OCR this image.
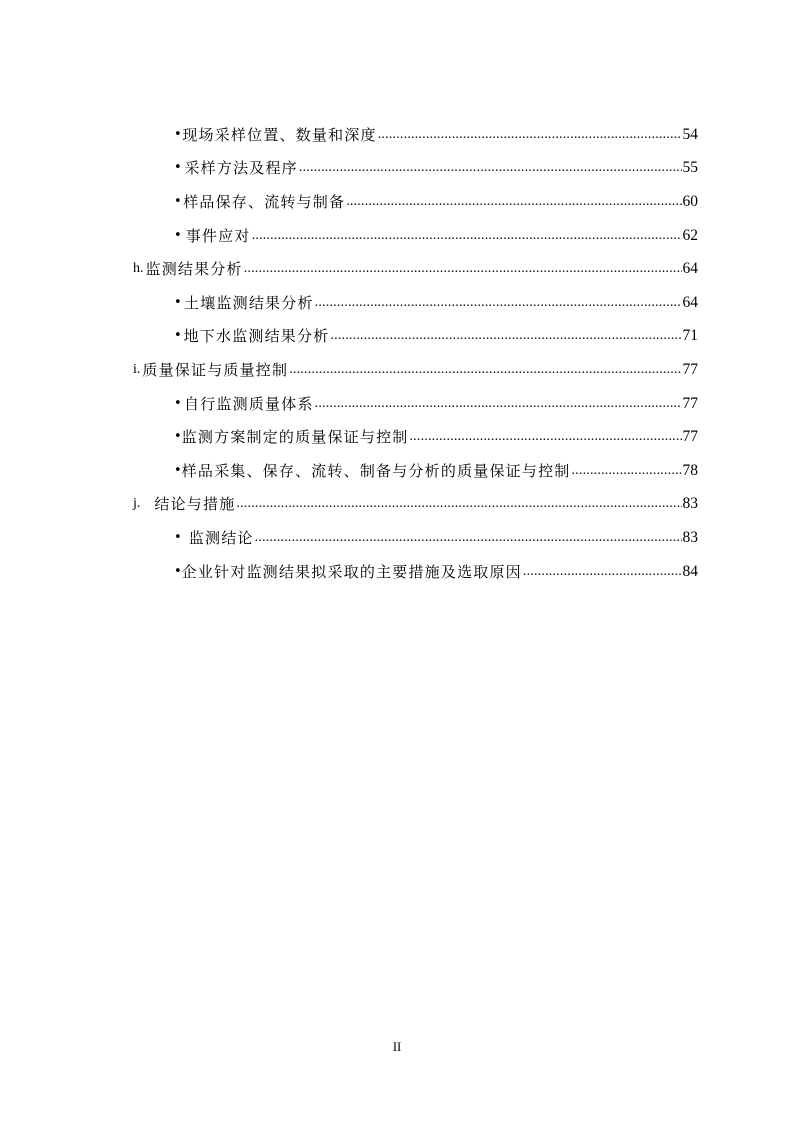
• 现场采样位置、数量和深度 .....	54
• 采样方法及程序 .....	55
• 样品保存、流转与制备 .....	60
• 事件应对 .....	62
h. 监测结果分析 .....	64
• 土壤监测结果分析 .....	64
• 地下水监测结果分析 .....	71
i. 质量保证与质量控制 .....	77
• 自行监测质量体系 .....	77
• 监测方案制定的质量保证与控制 .....	77
• 样品采集、保存、流转、制备与分析的质量保证与控制 .....	78
j. 结论与措施 .....	83
• 监测结论 .....	83
• 企业针对监测结果拟采取的主要措施及选取原因 .....	84
II
